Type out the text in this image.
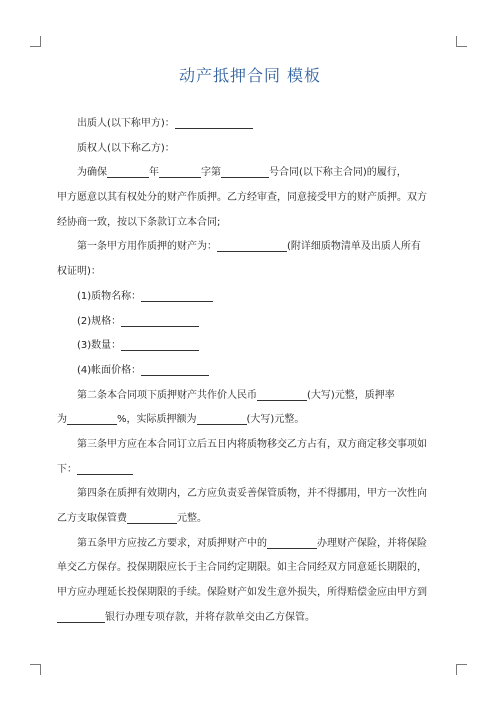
动产抵押合同 模板
出质人(以下称甲方)：
质权人(以下称乙方)：
为确保	年	字第	号合同(以下称主合同)的履行，
甲方愿意以其有权处分的财产作质押。乙方经审查，同意接受甲方的财产质押。双方
经协商一致，按以下条款订立本合同;
第一条甲方用作质押的财产为：	(附详细质物清单及出质人所有
权证明)：
(1)质物名称：
(2)规格：
(3)数量：
(4)帐面价格：
第二条本合同项下质押财产共作价人民币	(大写)元整，质押率
为	%，实际质押额为	(大写)元整。
第三条甲方应在本合同订立后五日内将质物移交乙方占有，双方商定移交事项如
下：
第四条在质押有效期内，乙方应负责妥善保管质物，并不得挪用，甲方一次性向
乙方支取保管费	元整。
第五条甲方应按乙方要求，对质押财产中的	办理财产保险，并将保险
单交乙方保存。投保期限应长于主合同约定期限。如主合同经双方同意延长期限的，
甲方应办理延长投保期限的手续。保险财产如发生意外损失，所得赔偿金应由甲方到
银行办理专项存款，并将存款单交由乙方保管。
